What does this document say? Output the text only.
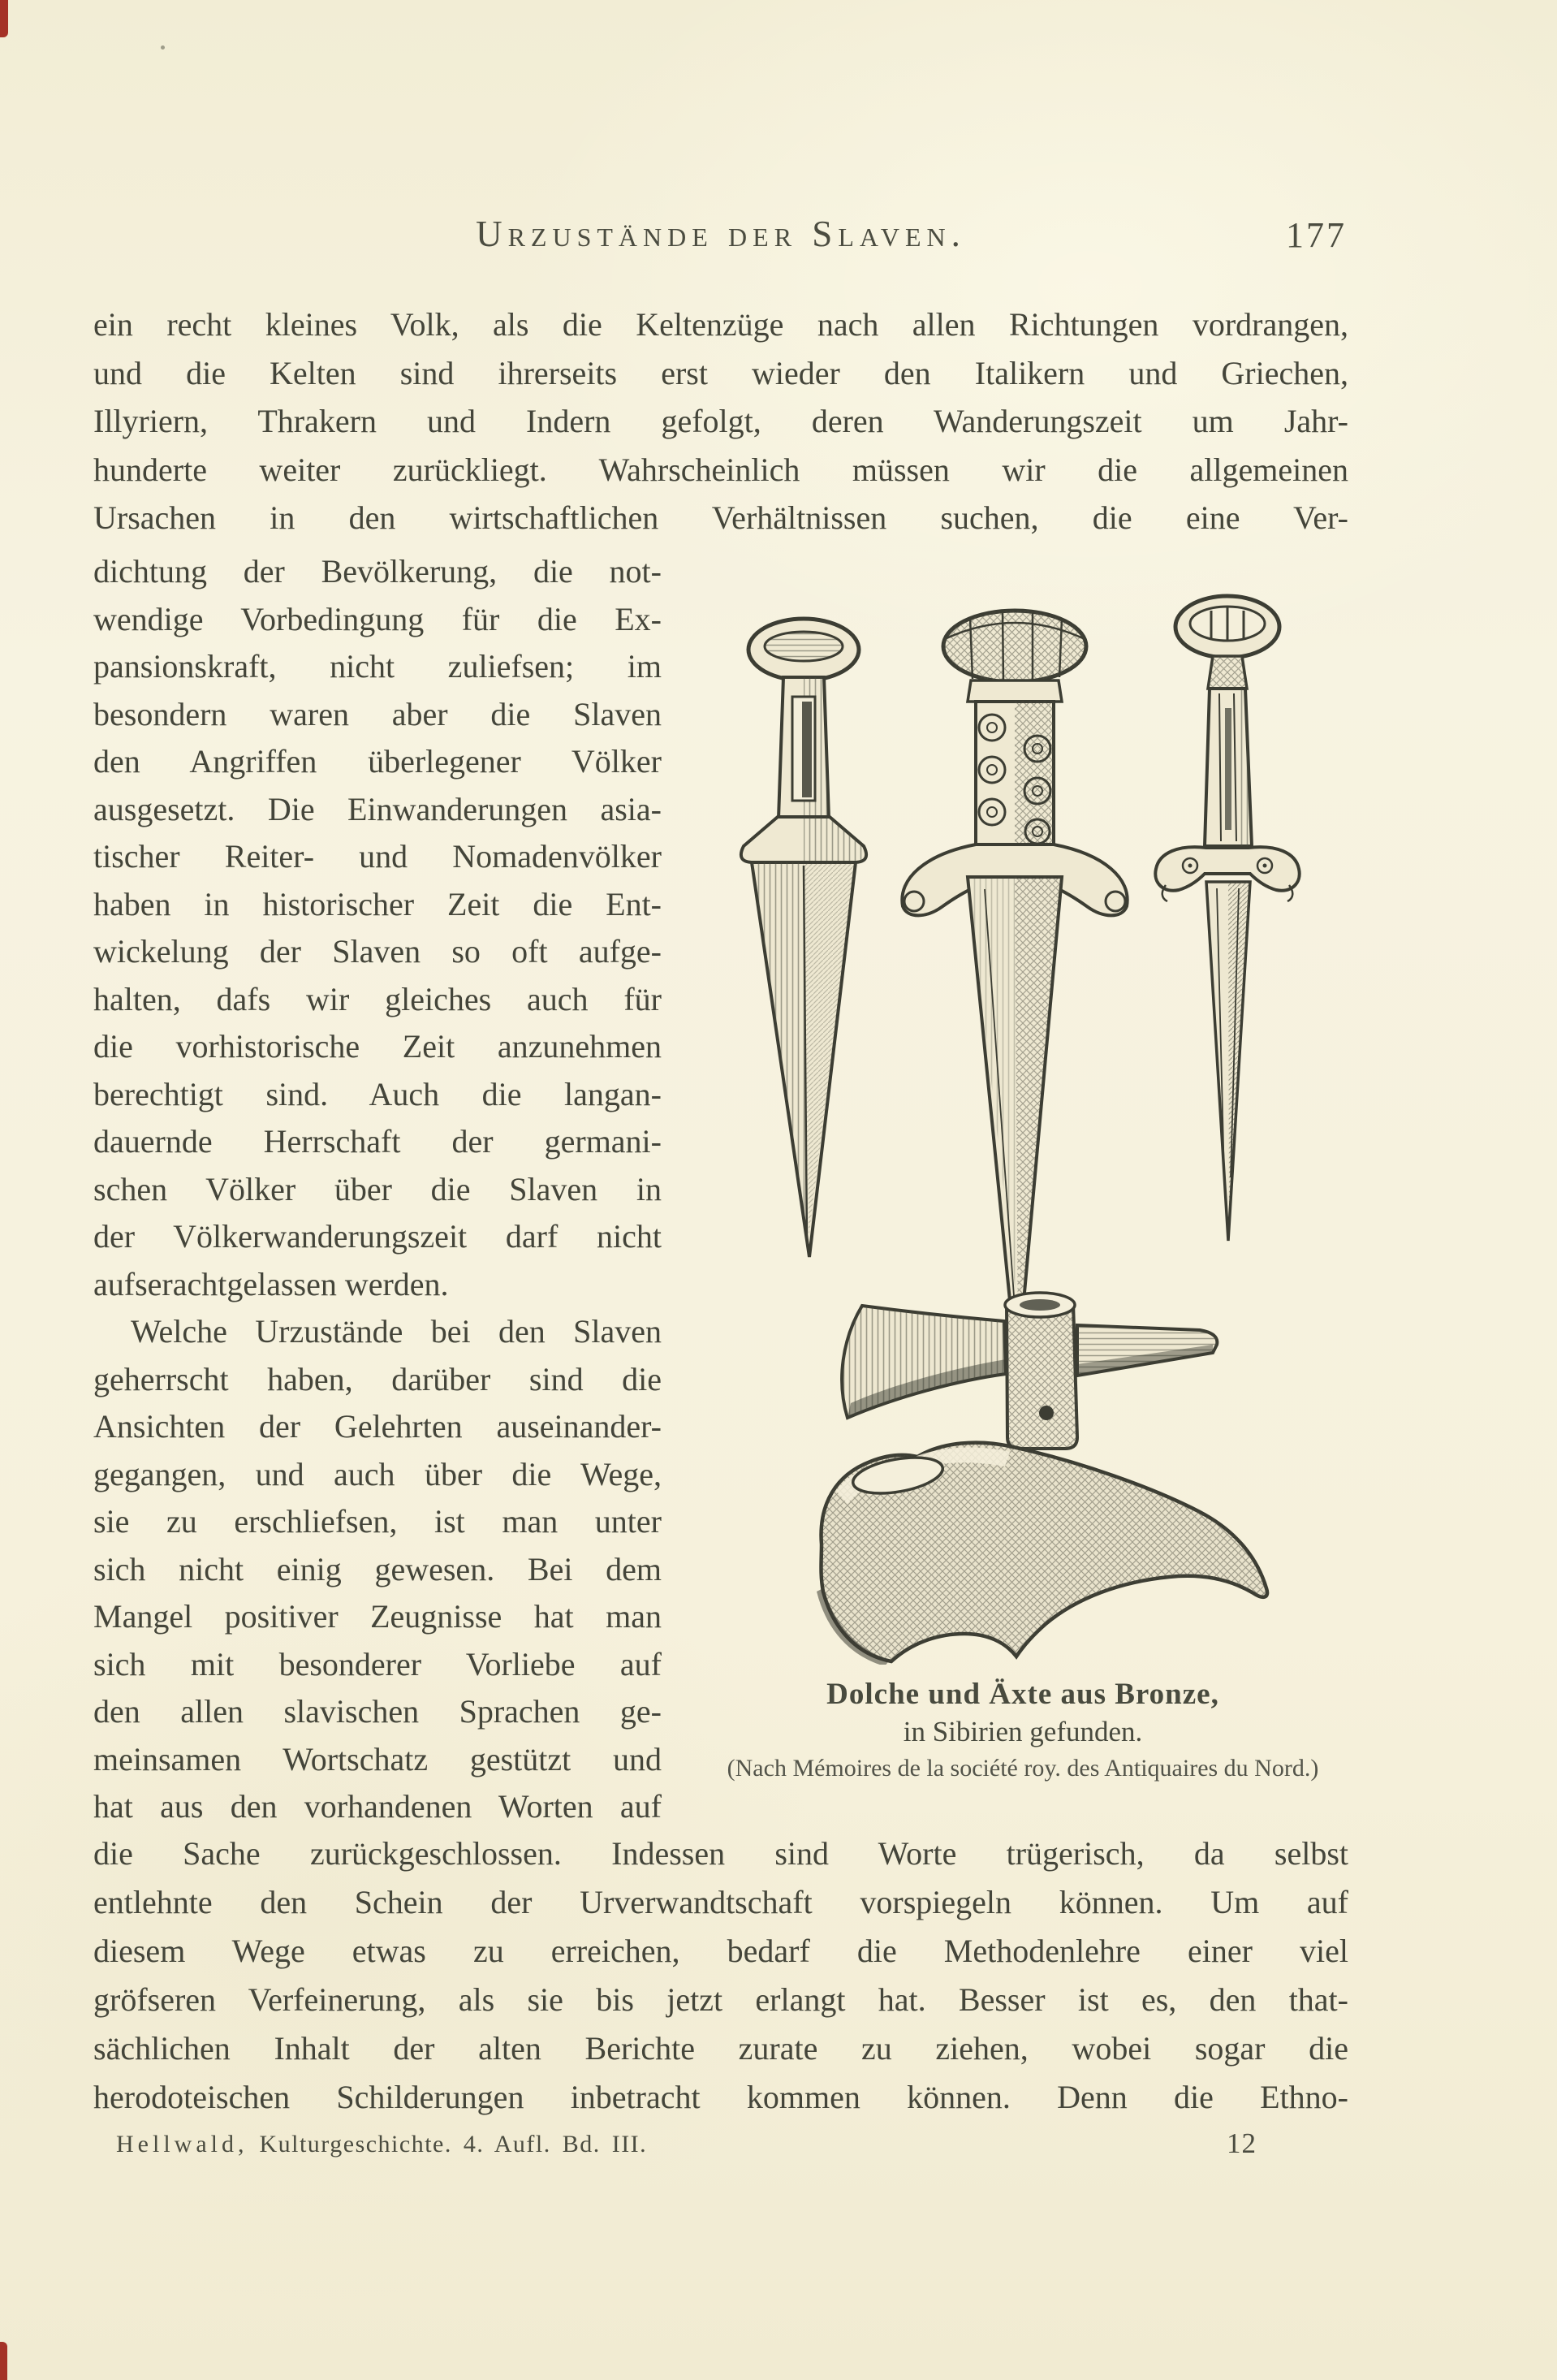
Urzustände der Slaven.	177
ein recht kleines Volk, als die Keltenzüge nach allen Richtungen vordrangen,
und die Kelten sind ihrerseits erst wieder den Italikern und Griechen,
Illyriern, Thrakern und Indern gefolgt, deren Wanderungszeit um Jahr-
hunderte weiter zurückliegt. Wahrscheinlich müssen wir die allgemeinen
Ursachen in den wirtschaftlichen Verhältnissen suchen, die eine Ver-
dichtung der Bevölkerung, die not-
wendige Vorbedingung für die Ex-
pansionskraft, nicht zuliefsen; im
besondern waren aber die Slaven
den Angriffen überlegener Völker
ausgesetzt. Die Einwanderungen asia-
tischer Reiter- und Nomadenvölker
haben in historischer Zeit die Ent-
wickelung der Slaven so oft aufge-
halten, dafs wir gleiches auch für
die vorhistorische Zeit anzunehmen
berechtigt sind. Auch die langan-
dauernde Herrschaft der germani-
schen Völker über die Slaven in
der Völkerwanderungszeit darf nicht
aufserachtgelassen werden.
Welche Urzustände bei den Slaven
geherrscht haben, darüber sind die
Ansichten der Gelehrten auseinander-
gegangen, und auch über die Wege,
sie zu erschliefsen, ist man unter
sich nicht einig gewesen. Bei dem
Mangel positiver Zeugnisse hat man
sich mit besonderer Vorliebe auf
den allen slavischen Sprachen ge-
meinsamen Wortschatz gestützt und
hat aus den vorhandenen Worten auf
Dolche und Äxte aus Bronze,
in Sibirien gefunden.
(Nach Mémoires de la société roy. des Antiquaires du Nord.)
die Sache zurückgeschlossen. Indessen sind Worte trügerisch, da selbst
entlehnte den Schein der Urverwandtschaft vorspiegeln können. Um auf
diesem Wege etwas zu erreichen, bedarf die Methodenlehre einer viel
gröfseren Verfeinerung, als sie bis jetzt erlangt hat. Besser ist es, den that-
sächlichen Inhalt der alten Berichte zurate zu ziehen, wobei sogar die
herodoteischen Schilderungen inbetracht kommen können. Denn die Ethno-
Hellwald, Kulturgeschichte. 4. Aufl. Bd. III.	12
